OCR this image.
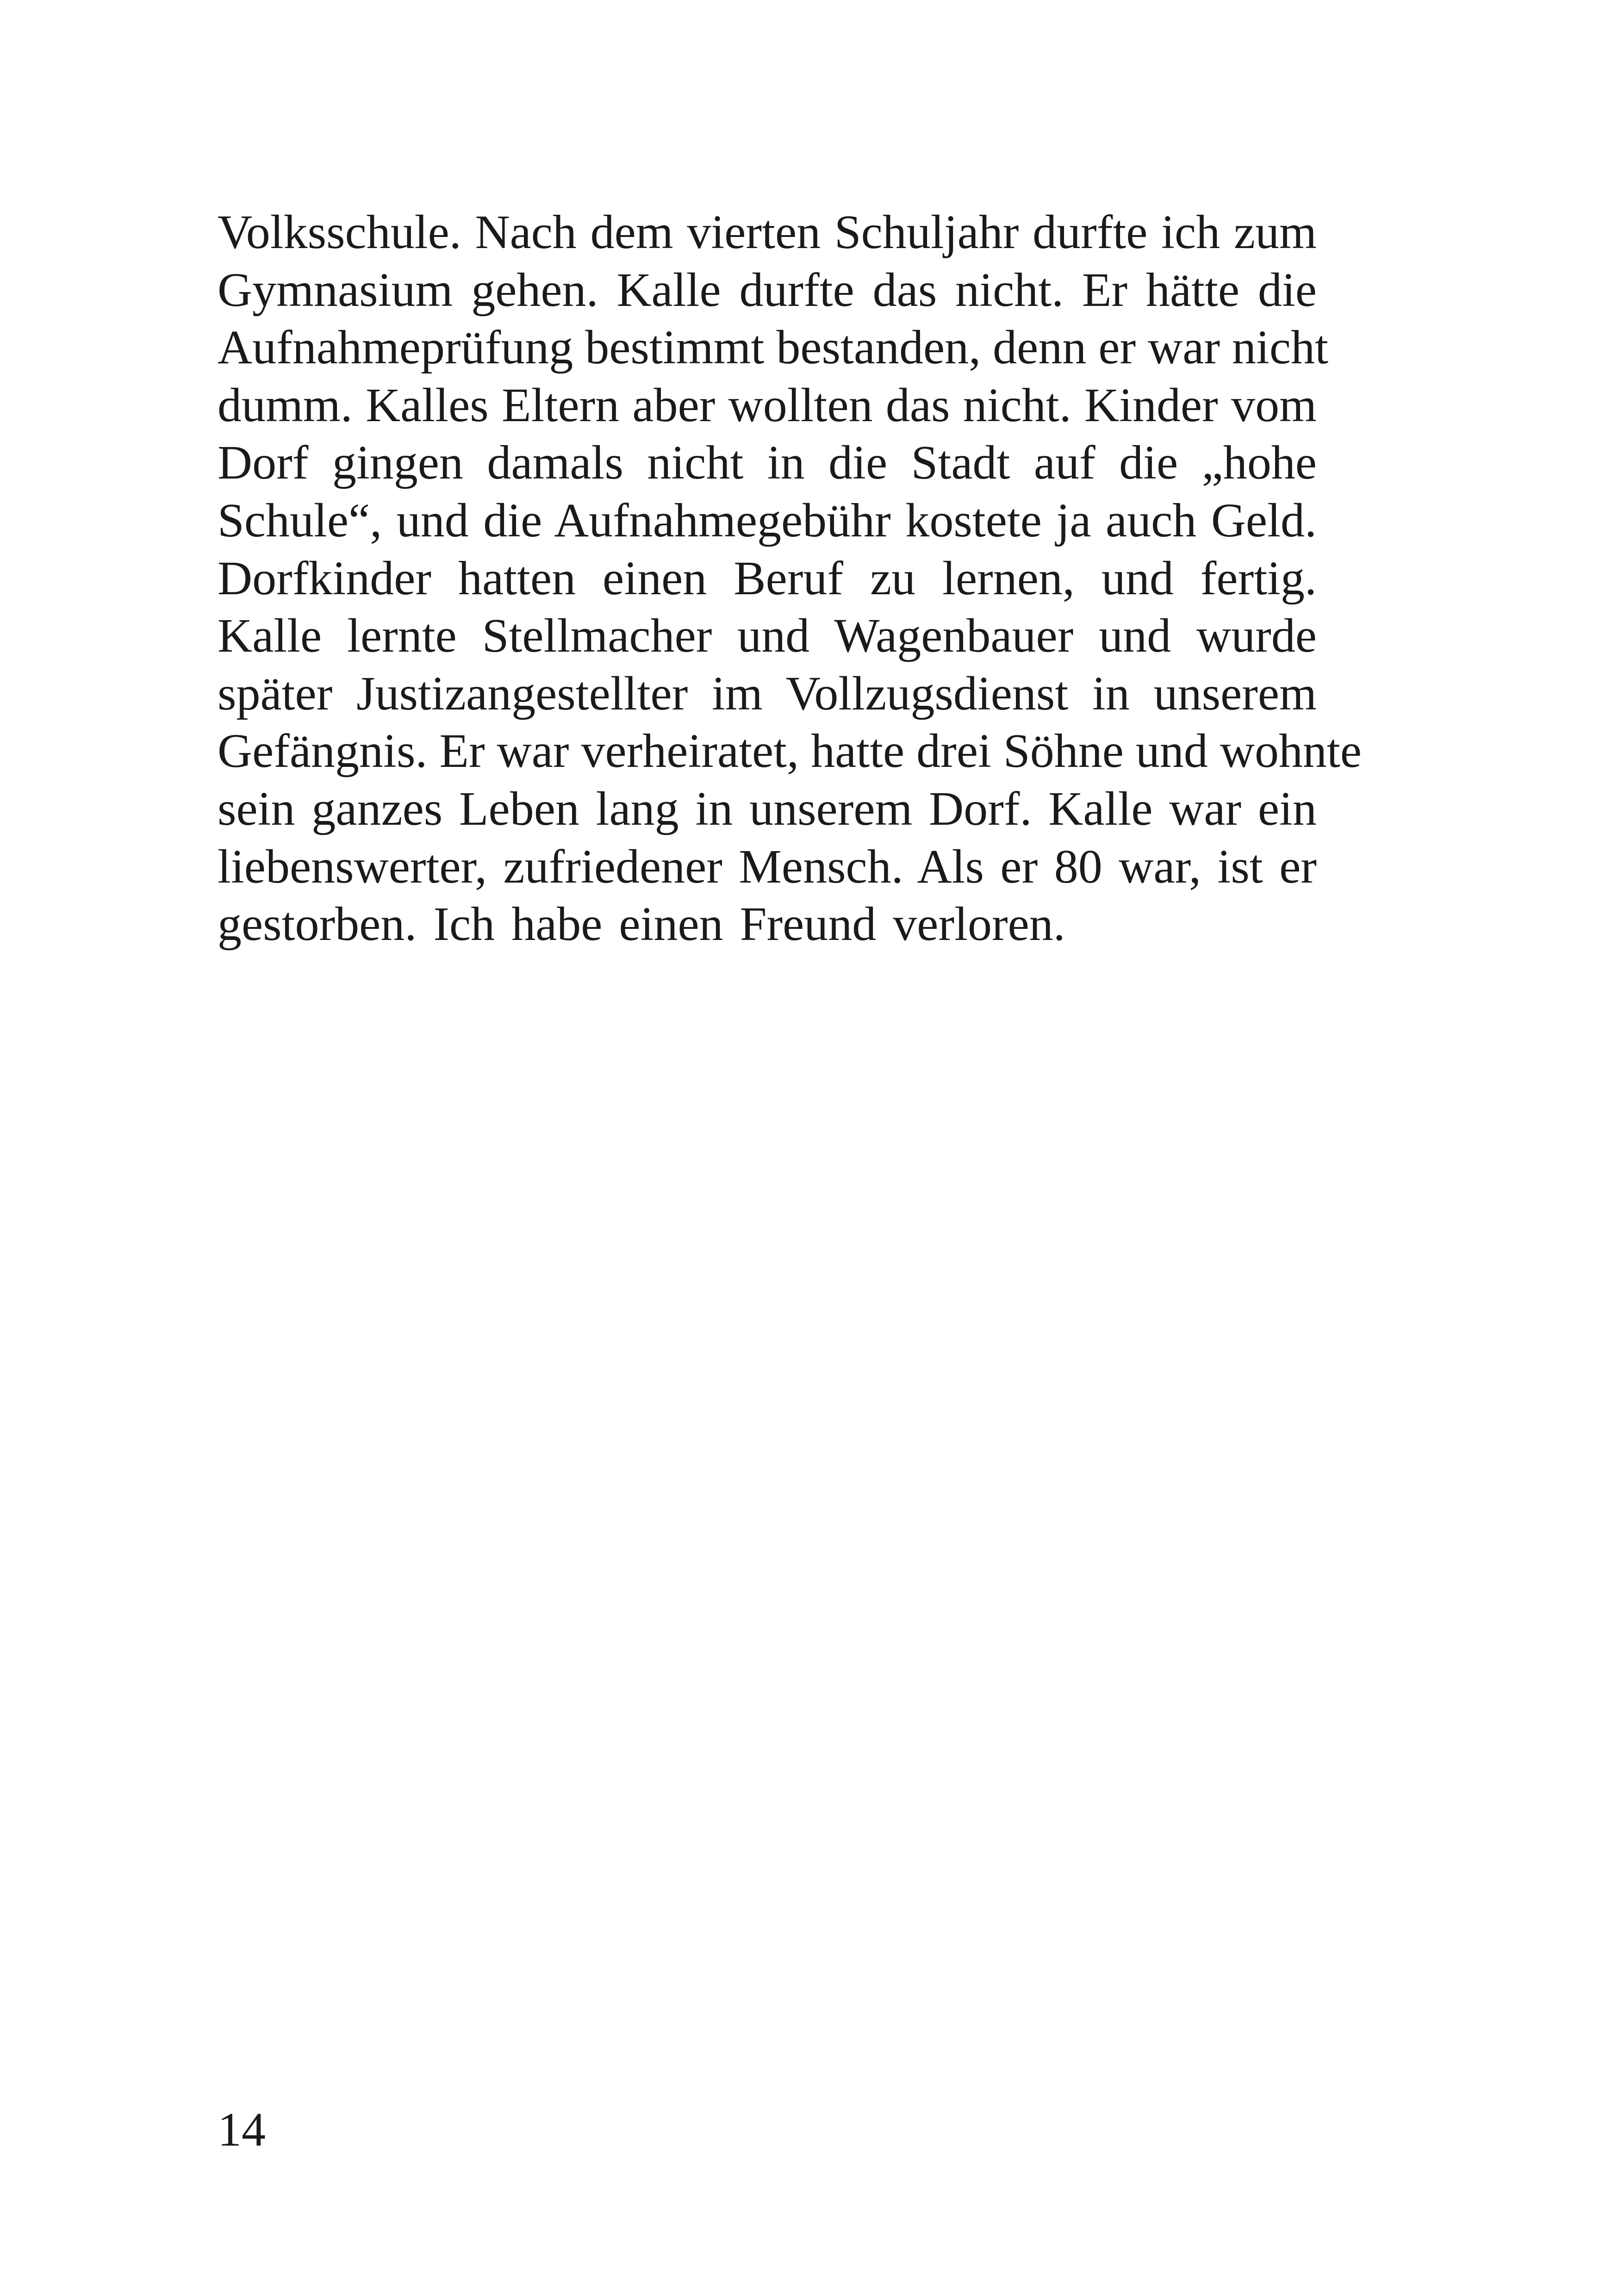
Volksschule. Nach dem vierten Schuljahr durfte ich zum
Gymnasium gehen. Kalle durfte das nicht. Er hätte die
Aufnahmeprüfung bestimmt bestanden, denn er war nicht
dumm. Kalles Eltern aber wollten das nicht. Kinder vom
Dorf gingen damals nicht in die Stadt auf die „hohe
Schule“, und die Aufnahmegebühr kostete ja auch Geld.
Dorfkinder hatten einen Beruf zu lernen, und fertig.
Kalle lernte Stellmacher und Wagenbauer und wurde
später Justizangestellter im Vollzugsdienst in unserem
Gefängnis. Er war verheiratet, hatte drei Söhne und wohnte
sein ganzes Leben lang in unserem Dorf. Kalle war ein
liebenswerter, zufriedener Mensch. Als er 80 war, ist er
gestorben. Ich habe einen Freund verloren.
14
